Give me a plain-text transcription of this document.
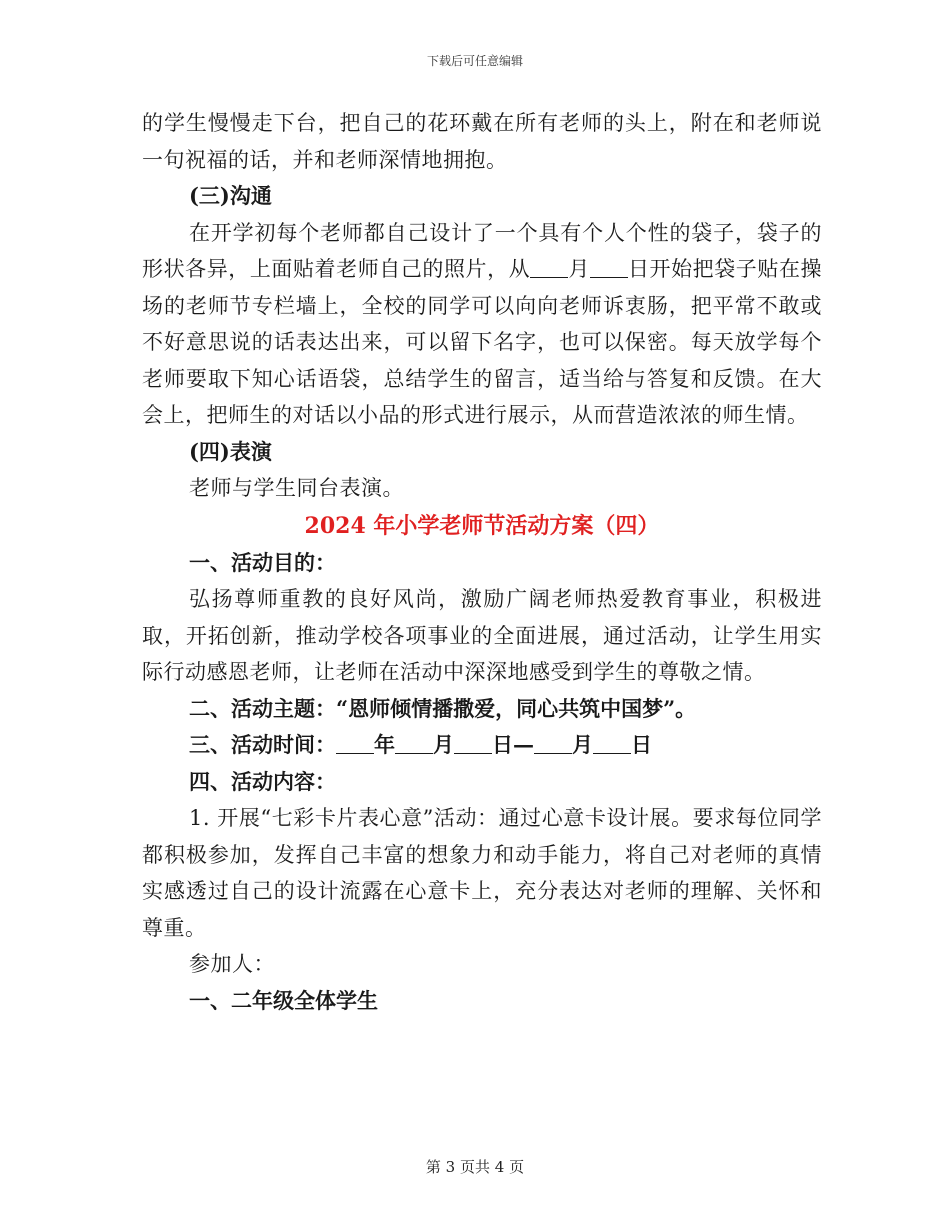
下载后可任意编辑

的学生慢慢走下台，把自己的花环戴在所有老师的头上，附在和老师说一句祝福的话，并和老师深情地拥抱。

(三)沟通

在开学初每个老师都自己设计了一个具有个人个性的袋子，袋子的形状各异，上面贴着老师自己的照片，从 月 日开始把袋子贴在操场的老师节专栏墙上，全校的同学可以向向老师诉衷肠，把平常不敢或不好意思说的话表达出来，可以留下名字，也可以保密。每天放学每个老师要取下知心话语袋，总结学生的留言，适当给与答复和反馈。在大会上，把师生的对话以小品的形式进行展示，从而营造浓浓的师生情。

(四)表演

老师与学生同台表演。

2024 年小学老师节活动方案（四）

一、活动目的：

弘扬尊师重教的良好风尚，激励广阔老师热爱教育事业，积极进取，开拓创新，推动学校各项事业的全面进展，通过活动，让学生用实际行动感恩老师，让老师在活动中深深地感受到学生的尊敬之情。

二、活动主题：“恩师倾情播撒爱，同心共筑中国梦”。

三、活动时间： 年 月 日— 月 日

四、活动内容：

1. 开展“七彩卡片表心意”活动：通过心意卡设计展。要求每位同学都积极参加，发挥自己丰富的想象力和动手能力，将自己对老师的真情实感透过自己的设计流露在心意卡上，充分表达对老师的理解、关怀和尊重。

参加人：

一、二年级全体学生

第 3 页共 4 页
